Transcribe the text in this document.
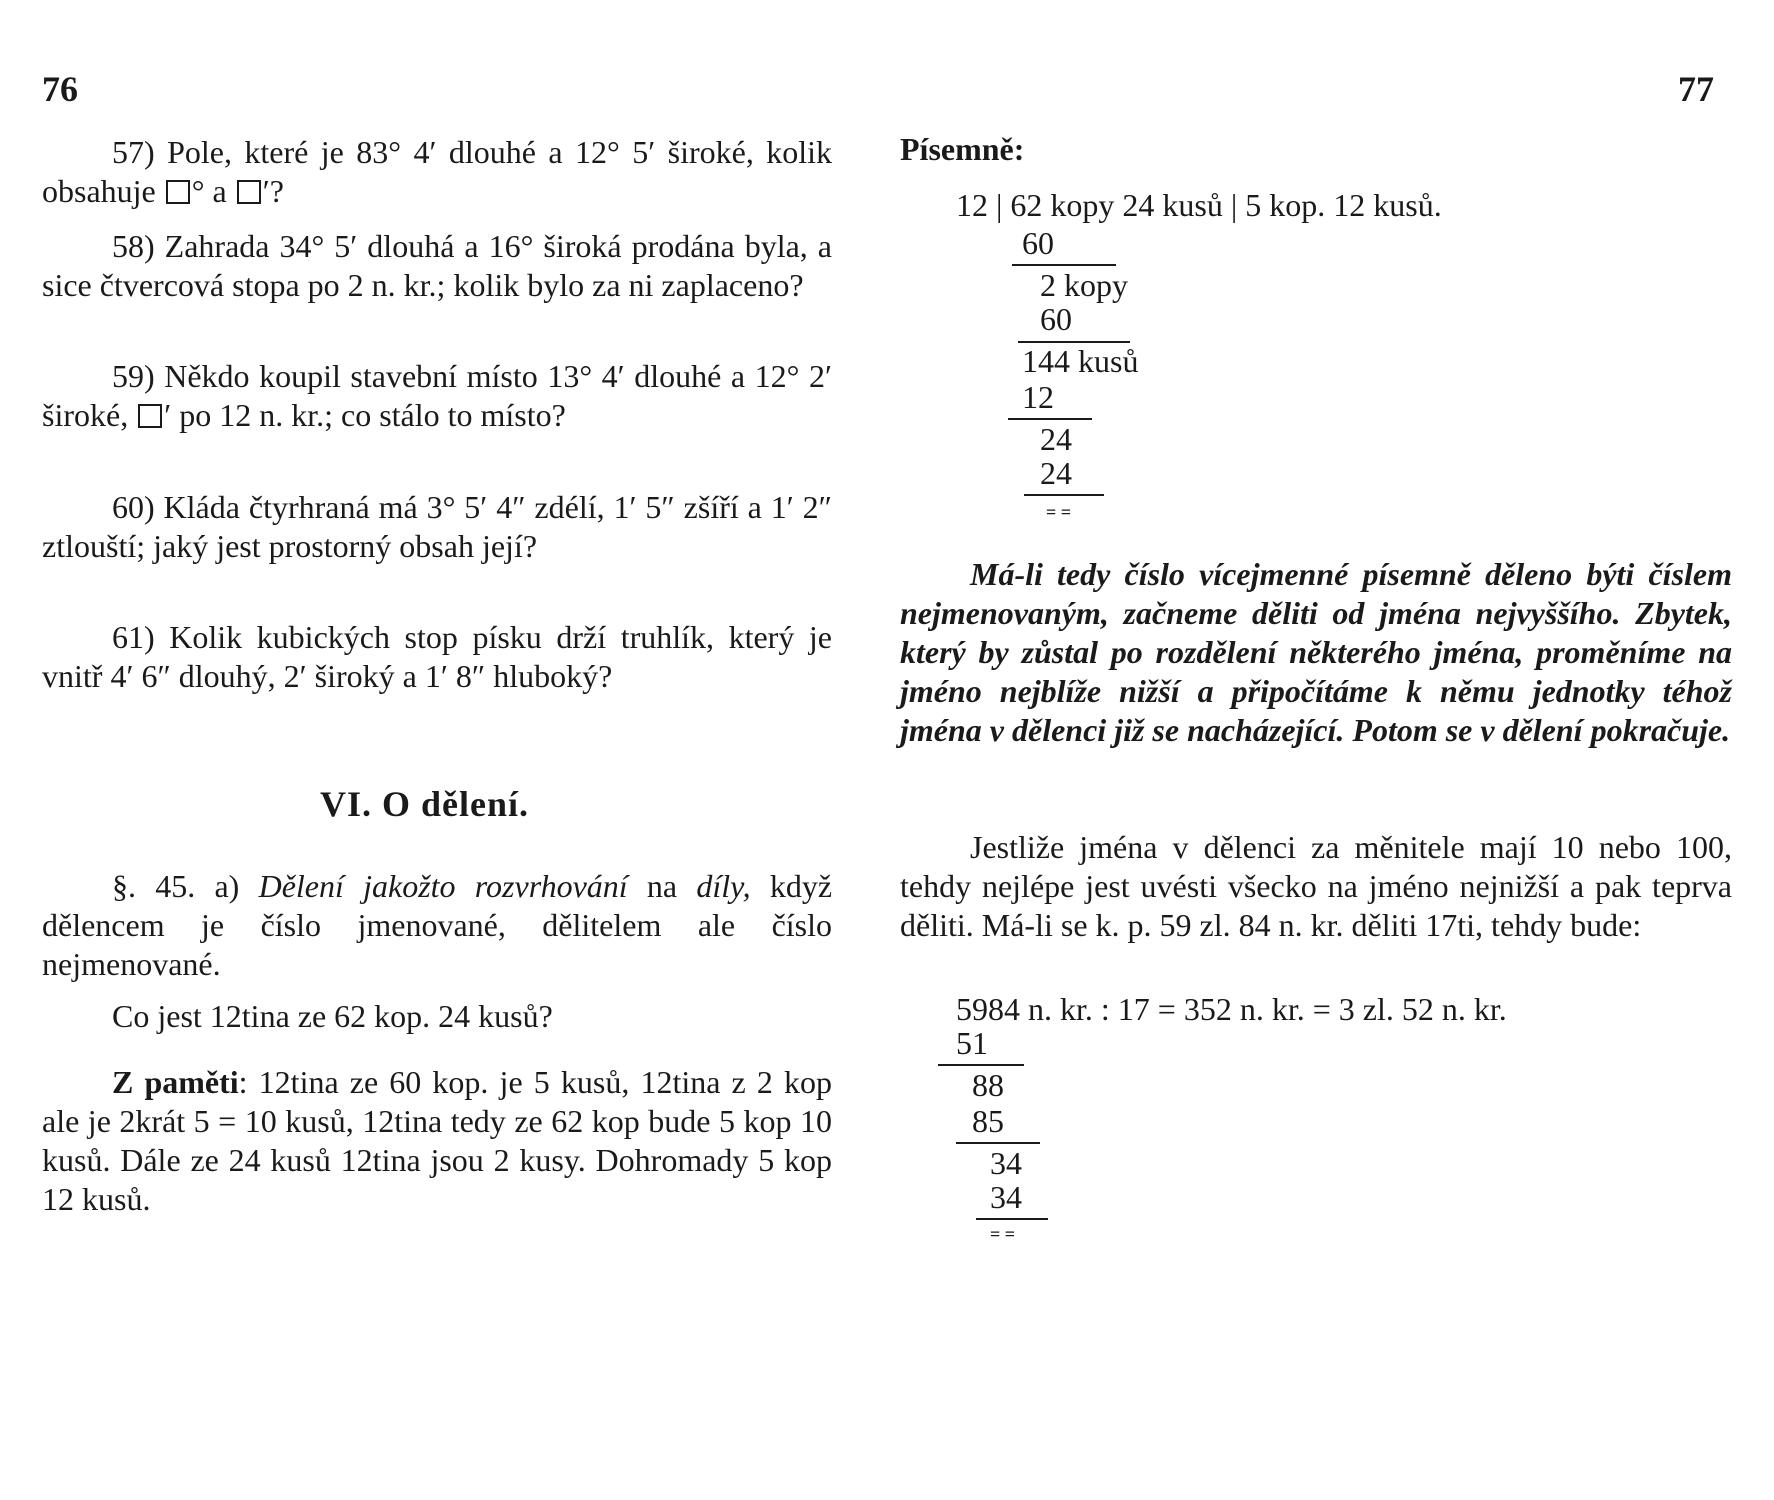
76

57) Pole, které je 83° 4′ dlouhé a 12° 5′ široké, kolik obsahuje ° a ′?

58) Zahrada 34° 5′ dlouhá a 16° široká prodána byla, a sice čtvercová stopa po 2 n. kr.; kolik bylo za ni zaplaceno?

59) Někdo koupil stavební místo 13° 4′ dlouhé a 12° 2′ široké, ′ po 12 n. kr.; co stálo to místo?

60) Kláda čtyrhraná má 3° 5′ 4″ zdélí, 1′ 5″ zšíří a 1′ 2″ ztlouští; jaký jest prostorný obsah její?

61) Kolik kubických stop písku drží truhlík, který je vnitř 4′ 6″ dlouhý, 2′ široký a 1′ 8″ hluboký?

VI. O dělení.

§. 45. a) Dělení jakožto rozvrhování na díly, když dělencem je číslo jmenované, dělitelem ale číslo nejmenované.

Co jest 12tina ze 62 kop. 24 kusů?

Z paměti: 12tina ze 60 kop. je 5 kusů, 12tina z 2 kop ale je 2krát 5 = 10 kusů, 12tina tedy ze 62 kop bude 5 kop 10 kusů. Dále ze 24 kusů 12tina jsou 2 kusy. Dohromady 5 kop 12 kusů.

77
Písemně:
12 | 62 kopy 24 kusů | 5 kop. 12 kusů.
60
2 kopy
60
144 kusů
12
24
24
= =

Má-li tedy číslo vícejmenné písemně děleno býti číslem nejmenovaným, začneme děliti od jména nejvyššího. Zbytek, který by zůstal po rozdělení některého jména, proměníme na jméno nejblíže nižší a připočítáme k němu jednotky téhož jména v dělenci již se nacházející. Potom se v dělení pokračuje.

Jestliže jména v dělenci za měnitele mají 10 nebo 100, tehdy nejlépe jest uvésti všecko na jméno nejnižší a pak teprva děliti. Má-li se k. p. 59 zl. 84 n. kr. děliti 17ti, tehdy bude:

5984 n. kr. : 17 = 352 n. kr. = 3 zl. 52 n. kr.
51
88
85
34
34
= =
